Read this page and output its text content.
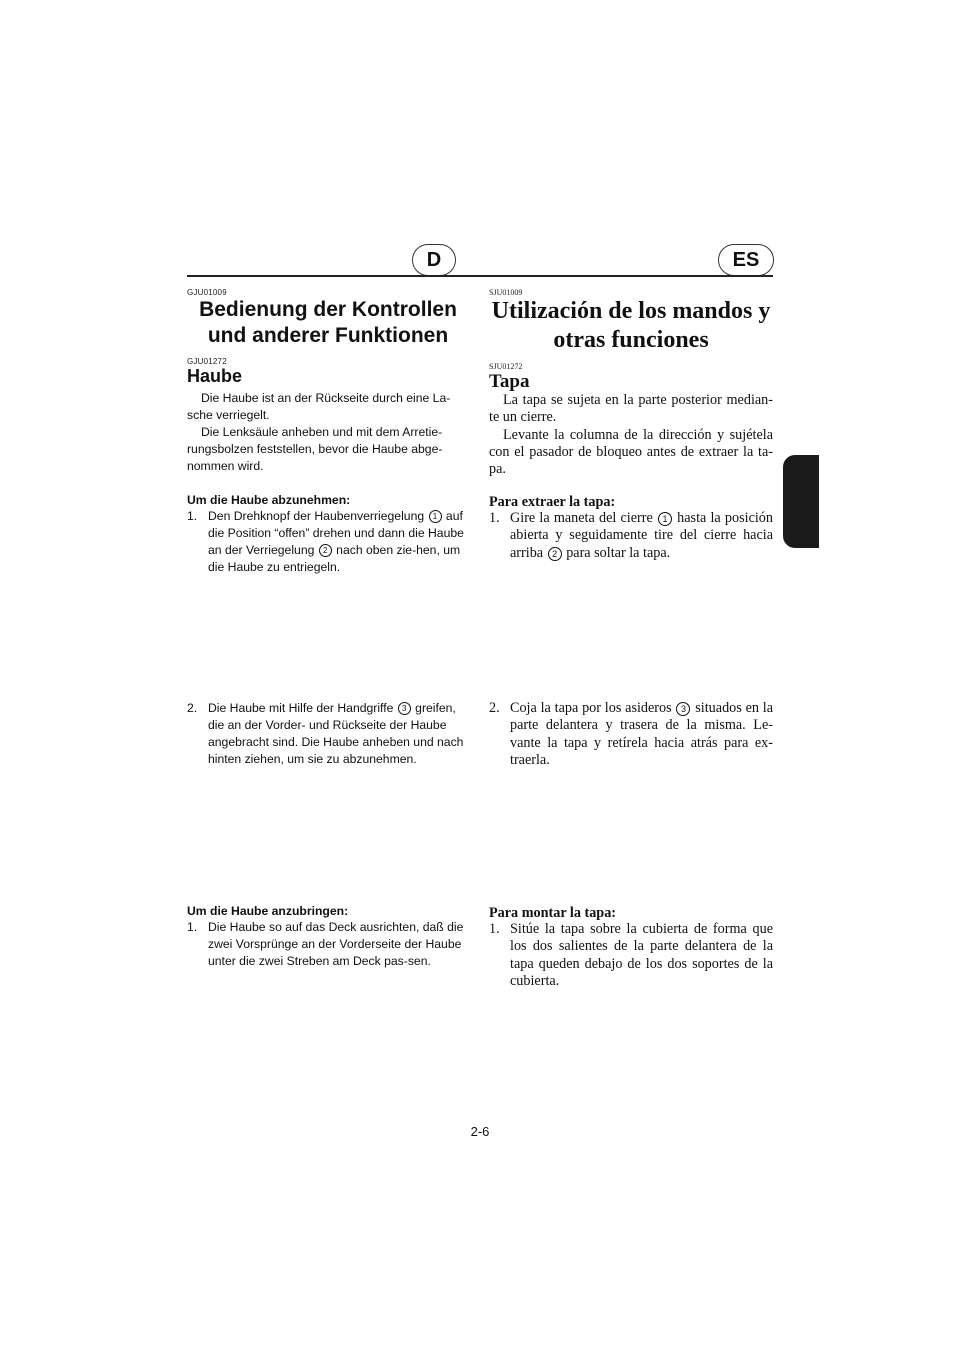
D	ES
GJU01009
Bedienung der Kontrollen
und anderer Funktionen
GJU01272
Haube

Die Haube ist an der Rückseite durch eine La-sche verriegelt.

Die Lenksäule anheben und mit dem Arretie-rungsbolzen feststellen, bevor die Haube abge-nommen wird.

Um die Haube abzunehmen:

1. Den Drehknopf der Haubenverriegelung 1 auf die Position “offen” drehen und dann die Haube an der Verriegelung 2 nach oben zie-hen, um die Haube zu entriegeln.

2. Die Haube mit Hilfe der Handgriffe 3 greifen, die an der Vorder- und Rückseite der Haube angebracht sind. Die Haube anheben und nach hinten ziehen, um sie zu abzunehmen.

Um die Haube anzubringen:

1. Die Haube so auf das Deck ausrichten, daß die zwei Vorsprünge an der Vorderseite der Haube unter die zwei Streben am Deck pas-sen.

SJU01009
Utilización de los mandos y
otras funciones
SJU01272
Tapa

La tapa se sujeta en la parte posterior median-te un cierre.

Levante la columna de la dirección y sujétela con el pasador de bloqueo antes de extraer la ta-pa.

Para extraer la tapa:

1. Gire la maneta del cierre 1 hasta la posición abierta y seguidamente tire del cierre hacia arriba 2 para soltar la tapa.

2. Coja la tapa por los asideros 3 situados en la parte delantera y trasera de la misma. Le-vante la tapa y retírela hacia atrás para ex-traerla.

Para montar la tapa:

1. Sitúe la tapa sobre la cubierta de forma que los dos salientes de la parte delantera de la tapa queden debajo de los dos soportes de la cubierta.

2-6
